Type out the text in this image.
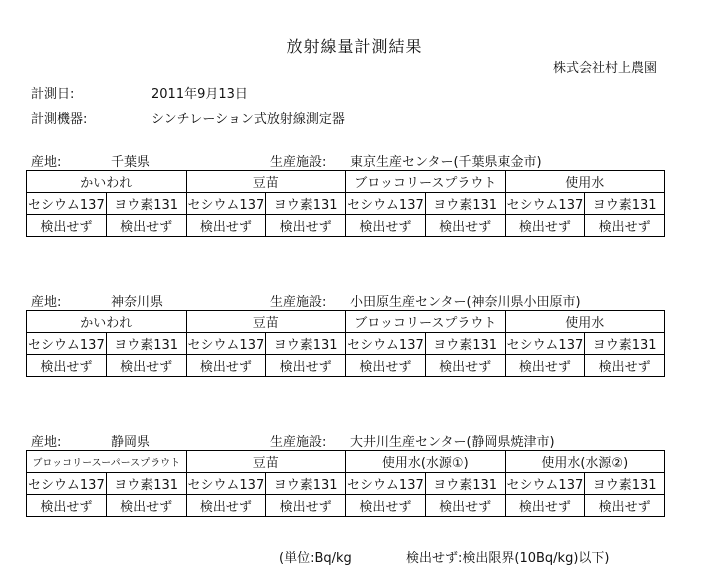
放射線量計測結果
株式会社村上農園
計測日:	2011年9月13日
計測機器:	シンチレーション式放射線測定器
産地:	千葉県	生産施設: 東京生産センター(千葉県東金市)
かいわれ		豆苗		ブロッコリースプラウト		使用水	
セシウム137	ヨウ素131	セシウム137	ヨウ素131	セシウム137	ヨウ素131	セシウム137	ヨウ素131
検出せず	検出せず	検出せず	検出せず	検出せず	検出せず	検出せず	検出せず
産地:	神奈川県	生産施設: 小田原生産センター(神奈川県小田原市)
かいわれ		豆苗		ブロッコリースプラウト		使用水	
セシウム137	ヨウ素131	セシウム137	ヨウ素131	セシウム137	ヨウ素131	セシウム137	ヨウ素131
検出せず	検出せず	検出せず	検出せず	検出せず	検出せず	検出せず	検出せず
産地:	静岡県	生産施設: 大井川生産センター(静岡県焼津市)
ブロッコリースーパースプラウト		豆苗		使用水(水源①)		使用水(水源②)	
セシウム137	ヨウ素131	セシウム137	ヨウ素131	セシウム137	ヨウ素131	セシウム137	ヨウ素131
検出せず	検出せず	検出せず	検出せず	検出せず	検出せず	検出せず	検出せず
(単位:Bq/kg	検出せず:検出限界(10Bq/kg)以下)
